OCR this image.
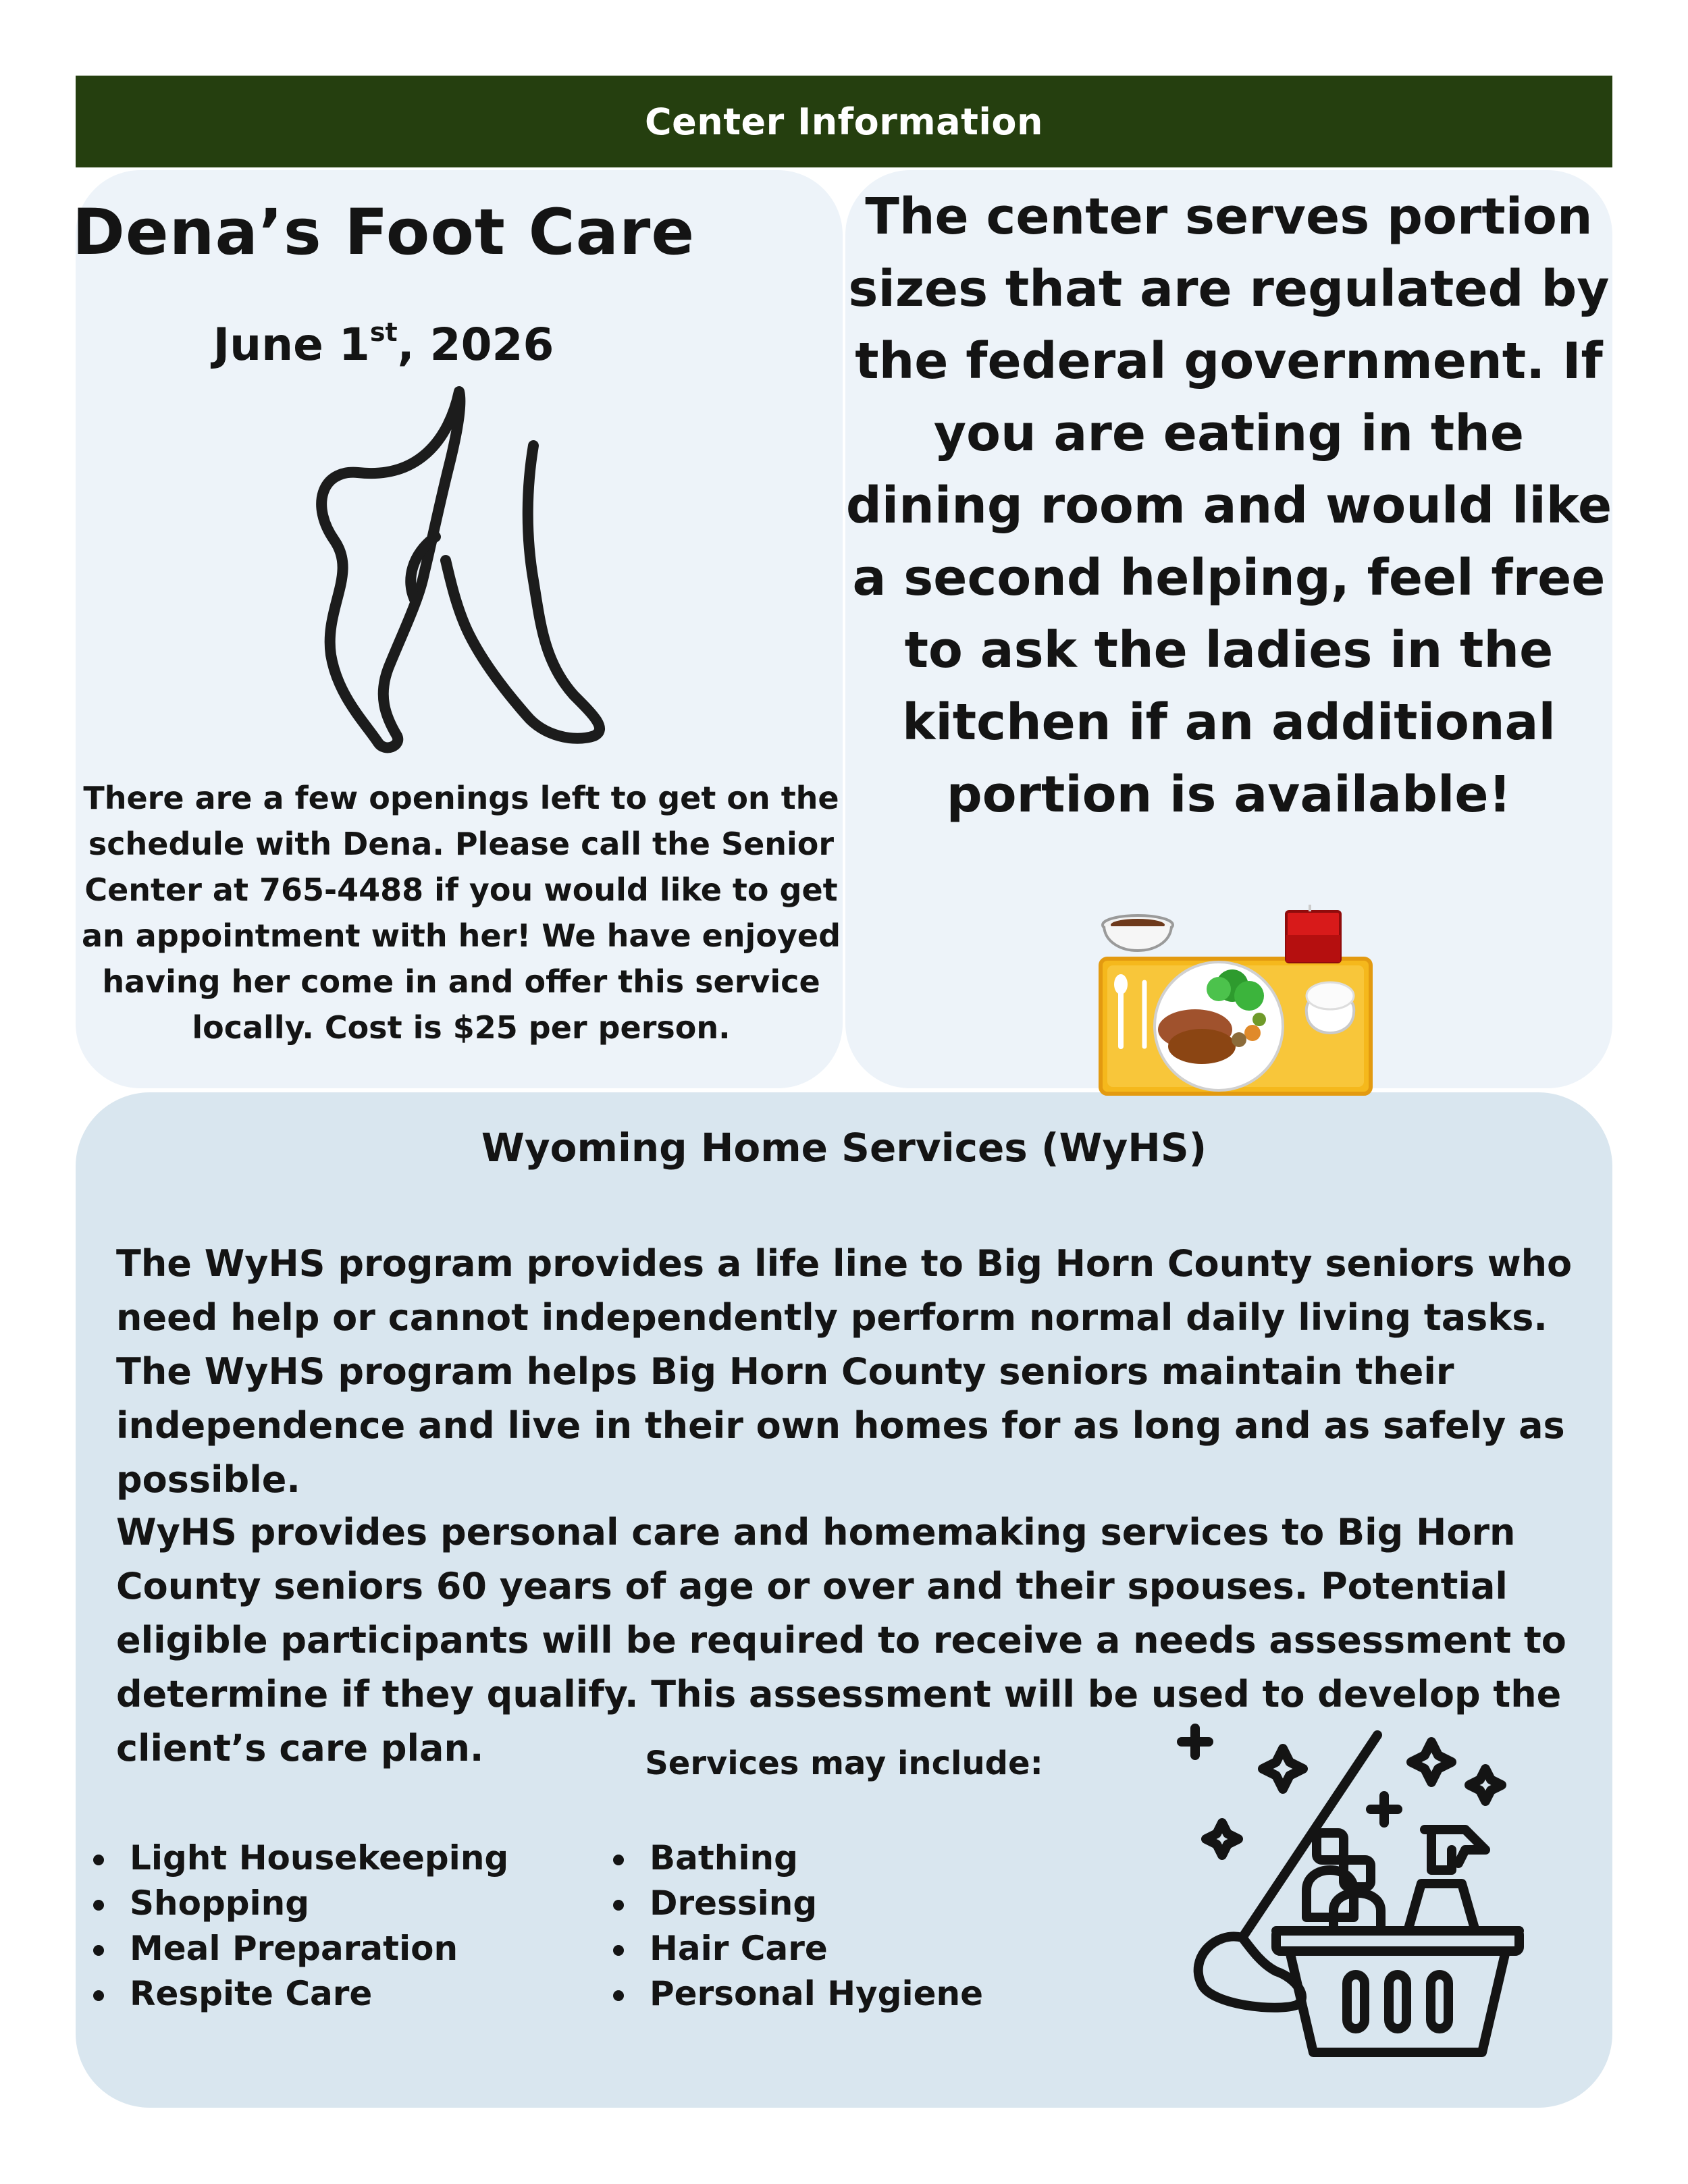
Center Information
Dena’s Foot Care
June 1st, 2026
There are a few openings left to get on the schedule with Dena. Please call the Senior Center at 765-4488 if you would like to get an appointment with her! We have enjoyed having her come in and offer this service locally. Cost is $25 per person.
The center serves portion sizes that are regulated by the federal government. If you are eating in the dining room and would like a second helping, feel free to ask the ladies in the kitchen if an additional portion is available!
Wyoming Home Services (WyHS)
The WyHS program provides a life line to Big Horn County seniors who need help or cannot independently perform normal daily living tasks. The WyHS program helps Big Horn County seniors maintain their independence and live in their own homes for as long and as safely as possible.
WyHS provides personal care and homemaking services to Big Horn County seniors 60 years of age or over and their spouses. Potential eligible participants will be required to receive a needs assessment to determine if they qualify. This assessment will be used to develop the client’s care plan.	Services may include:
Light Housekeeping
Shopping
Meal Preparation
Respite Care
Bathing
Dressing
Hair Care
Personal Hygiene
